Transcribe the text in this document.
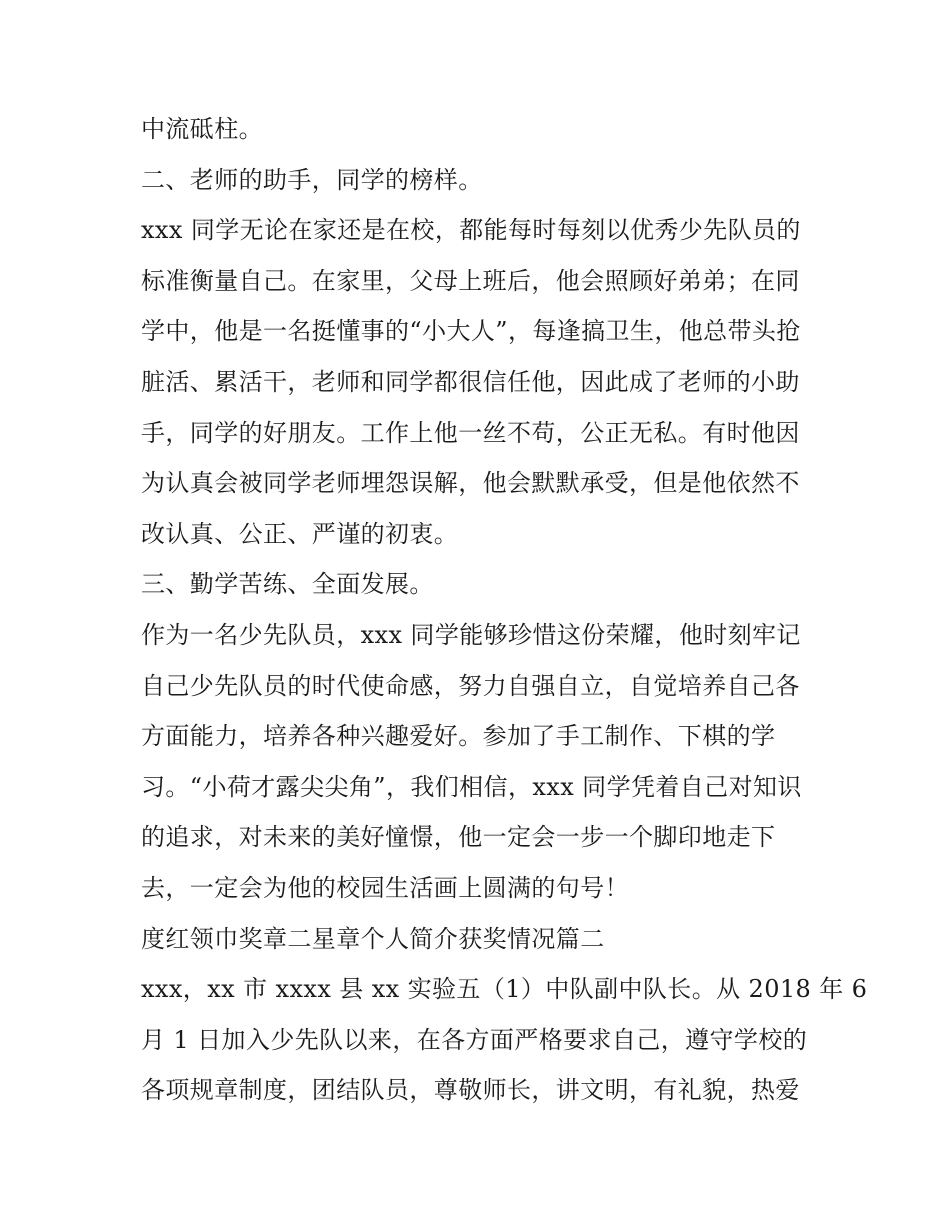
中流砥柱。
二、老师的助手，同学的榜样。
xxx 同学无论在家还是在校，都能每时每刻以优秀少先队员的
标准衡量自己。在家里，父母上班后，他会照顾好弟弟；在同
学中，他是一名挺懂事的“小大人”，每逢搞卫生，他总带头抢
脏活、累活干，老师和同学都很信任他，因此成了老师的小助
手，同学的好朋友。工作上他一丝不苟，公正无私。有时他因
为认真会被同学老师埋怨误解，他会默默承受，但是他依然不
改认真、公正、严谨的初衷。
三、勤学苦练、全面发展。
作为一名少先队员，xxx 同学能够珍惜这份荣耀，他时刻牢记
自己少先队员的时代使命感，努力自强自立，自觉培养自己各
方面能力，培养各种兴趣爱好。参加了手工制作、下棋的学
习。“小荷才露尖尖角”，我们相信，xxx 同学凭着自己对知识
的追求，对未来的美好憧憬，他一定会一步一个脚印地走下
去，一定会为他的校园生活画上圆满的句号！
度红领巾奖章二星章个人简介获奖情况篇二
xxx，xx 市 xxxx 县 xx 实验五（1）中队副中队长。从 2018 年 6
月 1 日加入少先队以来，在各方面严格要求自己，遵守学校的
各项规章制度，团结队员，尊敬师长，讲文明，有礼貌，热爱
